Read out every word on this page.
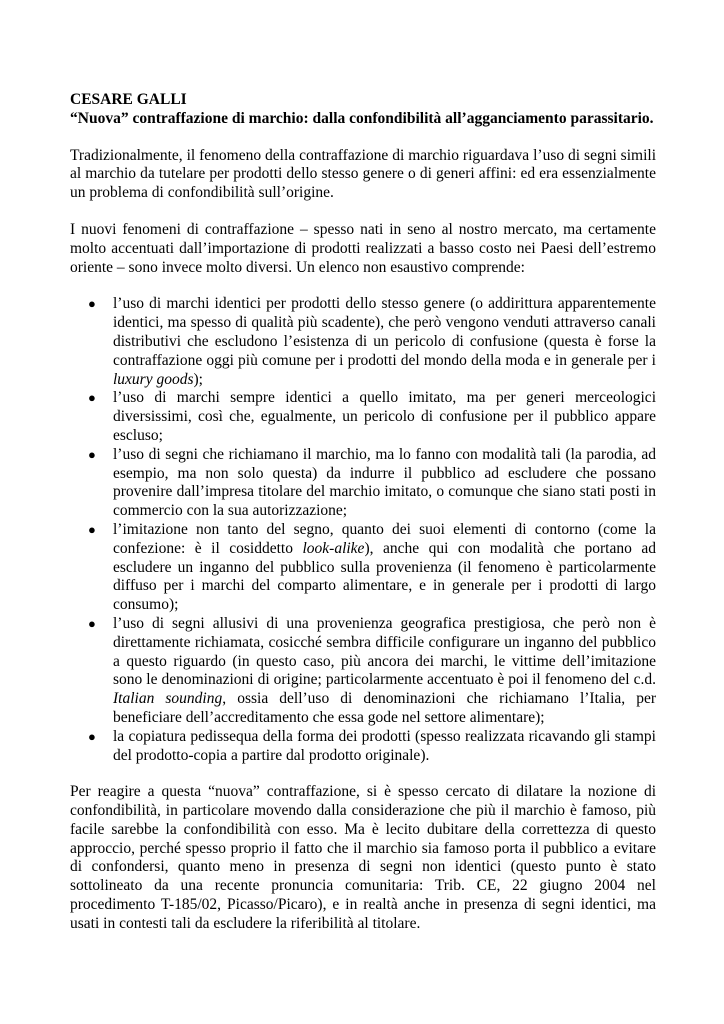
CESARE GALLI
“Nuova” contraffazione di marchio: dalla confondibilità all’agganciamento parassitario.

Tradizionalmente, il fenomeno della contraffazione di marchio riguardava l’uso di segni simili al marchio da tutelare per prodotti dello stesso genere o di generi affini: ed era essenzialmente un problema di confondibilità sull’origine.

I nuovi fenomeni di contraffazione – spesso nati in seno al nostro mercato, ma certamente molto accentuati dall’importazione di prodotti realizzati a basso costo nei Paesi dell’estremo oriente – sono invece molto diversi. Un elenco non esaustivo comprende:

● l’uso di marchi identici per prodotti dello stesso genere (o addirittura apparentemente identici, ma spesso di qualità più scadente), che però vengono venduti attraverso canali distributivi che escludono l’esistenza di un pericolo di confusione (questa è forse la contraffazione oggi più comune per i prodotti del mondo della moda e in generale per i luxury goods);
● l’uso di marchi sempre identici a quello imitato, ma per generi merceologici diversissimi, così che, egualmente, un pericolo di confusione per il pubblico appare escluso;
● l’uso di segni che richiamano il marchio, ma lo fanno con modalità tali (la parodia, ad esempio, ma non solo questa) da indurre il pubblico ad escludere che possano provenire dall’impresa titolare del marchio imitato, o comunque che siano stati posti in commercio con la sua autorizzazione;
● l’imitazione non tanto del segno, quanto dei suoi elementi di contorno (come la confezione: è il cosiddetto look-alike), anche qui con modalità che portano ad escludere un inganno del pubblico sulla provenienza (il fenomeno è particolarmente diffuso per i marchi del comparto alimentare, e in generale per i prodotti di largo consumo);
● l’uso di segni allusivi di una provenienza geografica prestigiosa, che però non è direttamente richiamata, cosicché sembra difficile configurare un inganno del pubblico a questo riguardo (in questo caso, più ancora dei marchi, le vittime dell’imitazione sono le denominazioni di origine; particolarmente accentuato è poi il fenomeno del c.d. Italian sounding, ossia dell’uso di denominazioni che richiamano l’Italia, per beneficiare dell’accreditamento che essa gode nel settore alimentare);
● la copiatura pedissequa della forma dei prodotti (spesso realizzata ricavando gli stampi del prodotto-copia a partire dal prodotto originale).

Per reagire a questa “nuova” contraffazione, si è spesso cercato di dilatare la nozione di confondibilità, in particolare movendo dalla considerazione che più il marchio è famoso, più facile sarebbe la confondibilità con esso. Ma è lecito dubitare della correttezza di questo approccio, perché spesso proprio il fatto che il marchio sia famoso porta il pubblico a evitare di confondersi, quanto meno in presenza di segni non identici (questo punto è stato sottolineato da una recente pronuncia comunitaria: Trib. CE, 22 giugno 2004 nel procedimento T-185/02, Picasso/Picaro), e in realtà anche in presenza di segni identici, ma usati in contesti tali da escludere la riferibilità al titolare.
